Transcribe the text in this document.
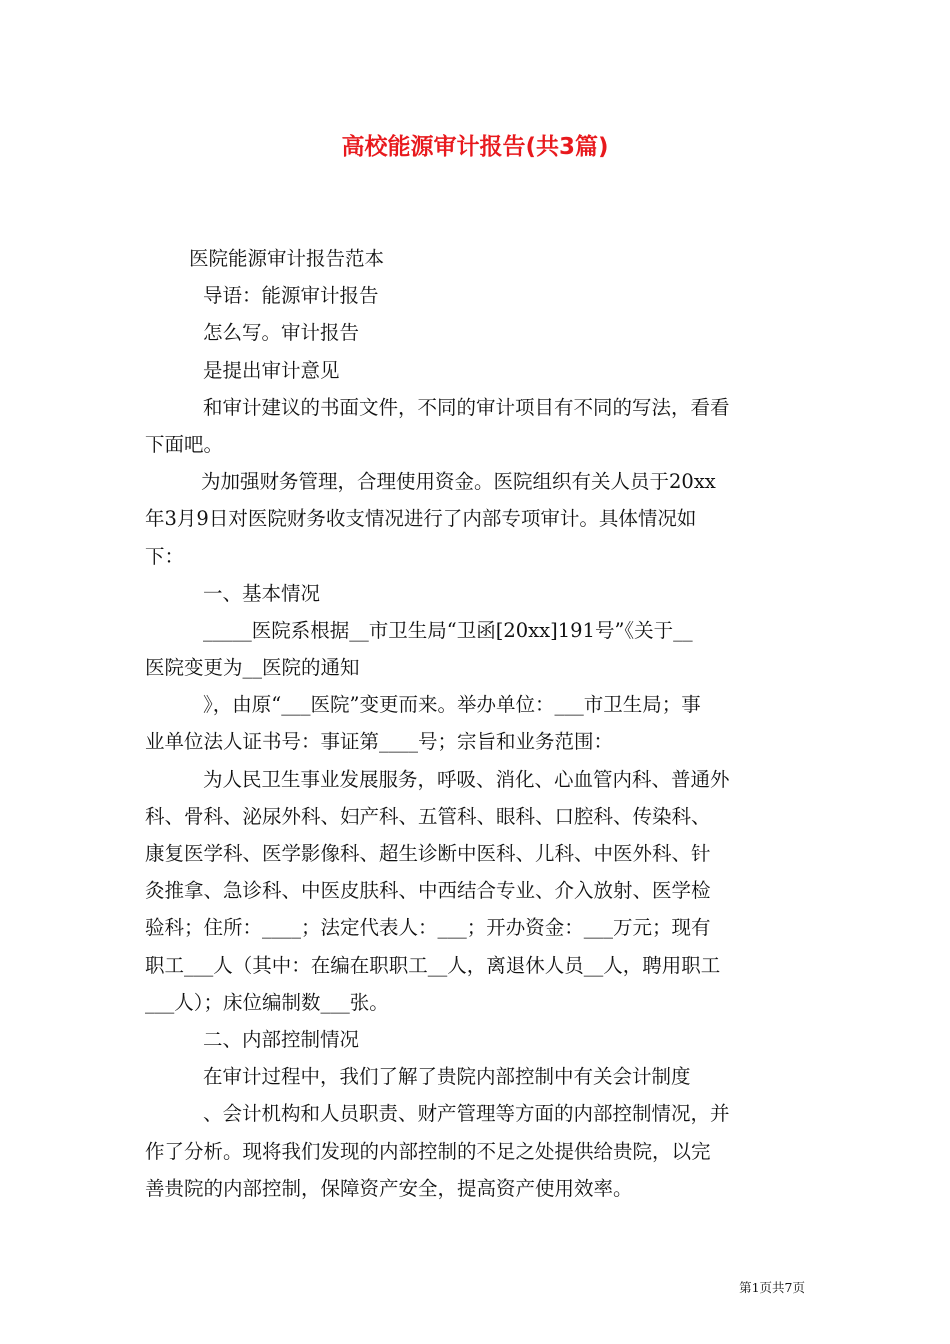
高校能源审计报告(共3篇)
医院能源审计报告范本
导语：能源审计报告
怎么写。审计报告
是提出审计意见
和审计建议的书面文件，不同的审计项目有不同的写法，看看
下面吧。
为加强财务管理，合理使用资金。医院组织有关人员于20xx
年3月9日对医院财务收支情况进行了内部专项审计。具体情况如
下：
一、基本情况
_____医院系根据__市卫生局“卫函[20xx]191号”《关于__
医院变更为__医院的通知
》，由原“___医院”变更而来。举办单位：___市卫生局；事
业单位法人证书号：事证第____号；宗旨和业务范围：
为人民卫生事业发展服务，呼吸、消化、心血管内科、普通外
科、骨科、泌尿外科、妇产科、五管科、眼科、口腔科、传染科、
康复医学科、医学影像科、超生诊断中医科、儿科、中医外科、针
灸推拿、急诊科、中医皮肤科、中西结合专业、介入放射、医学检
验科；住所：____；法定代表人：___；开办资金：___万元；现有
职工___人（其中：在编在职职工__人，离退休人员__人，聘用职工
___人）；床位编制数___张。
二、内部控制情况
在审计过程中，我们了解了贵院内部控制中有关会计制度
、会计机构和人员职责、财产管理等方面的内部控制情况，并
作了分析。现将我们发现的内部控制的不足之处提供给贵院，以完
善贵院的内部控制，保障资产安全，提高资产使用效率。
第1页共7页
